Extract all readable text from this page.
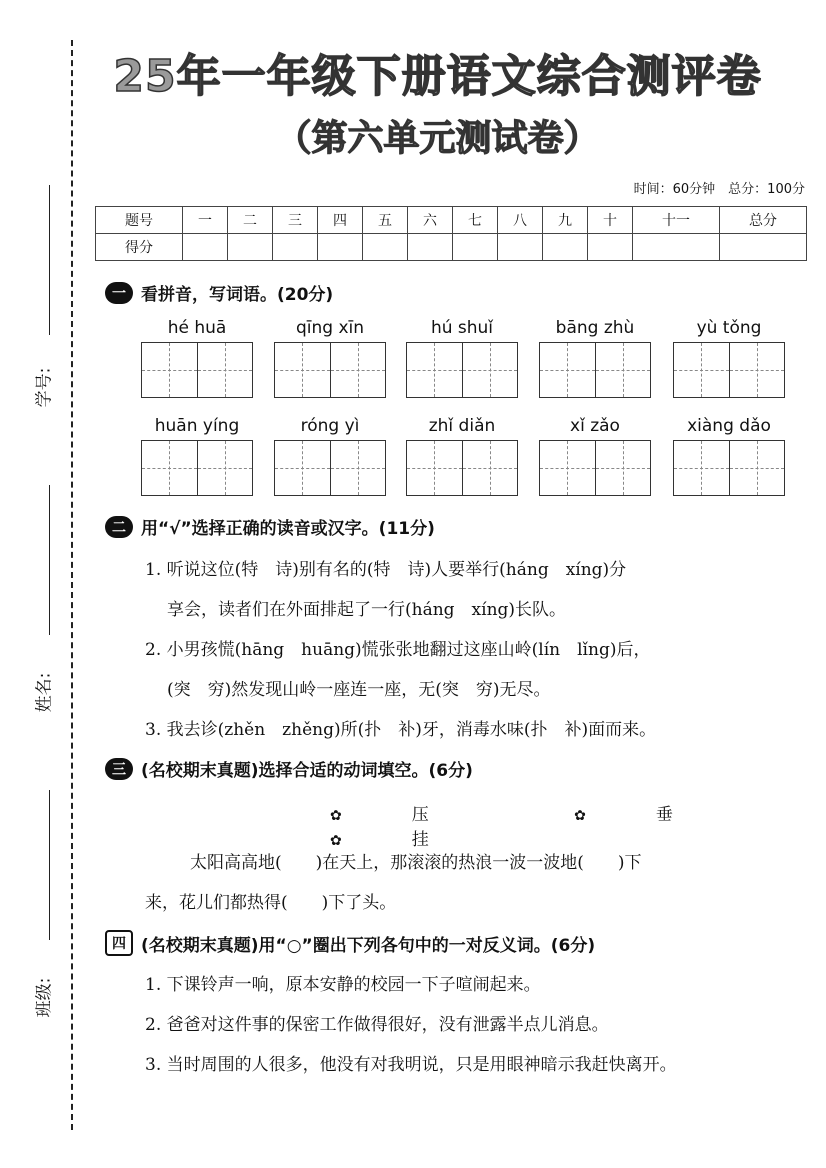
学号:
姓名:
班级:
25年一年级下册语文综合测评卷
（第六单元测试卷）
时间：60分钟　总分：100分
题号	一	二	三	四	五	六	七	八	九	十	十一	总分
得分												
一 看拼音，写词语。(20分)
hé huā	qīng xīn	hú shuǐ	bāng zhù	yù tǒng
huān yíng	róng yì	zhǐ diǎn	xǐ zǎo	xiàng dǎo
二 用“√”选择正确的读音或汉字。(11分)
1. 听说这位(特　诗)别有名的(特　诗)人要举行(háng　xíng)分
享会，读者们在外面排起了一行(háng　xíng)长队。
2. 小男孩慌(hāng　huāng)慌张张地翻过这座山岭(lín　lǐng)后，
(突　穷)然发现山岭一座连一座，无(突　穷)无尽。
3. 我去诊(zhěn　zhěng)所(扑　补)牙，消毒水味(扑　补)面而来。
三 (名校期末真题)选择合适的动词填空。(6分)
✿	压	✿	垂 ✿	挂
太阳高高地(　　)在天上，那滚滚的热浪一波一波地(　　)下
来，花儿们都热得(　　)下了头。
四 (名校期末真题)用“○”圈出下列各句中的一对反义词。(6分)
1. 下课铃声一响，原本安静的校园一下子喧闹起来。
2. 爸爸对这件事的保密工作做得很好，没有泄露半点儿消息。
3. 当时周围的人很多，他没有对我明说，只是用眼神暗示我赶快离开。
